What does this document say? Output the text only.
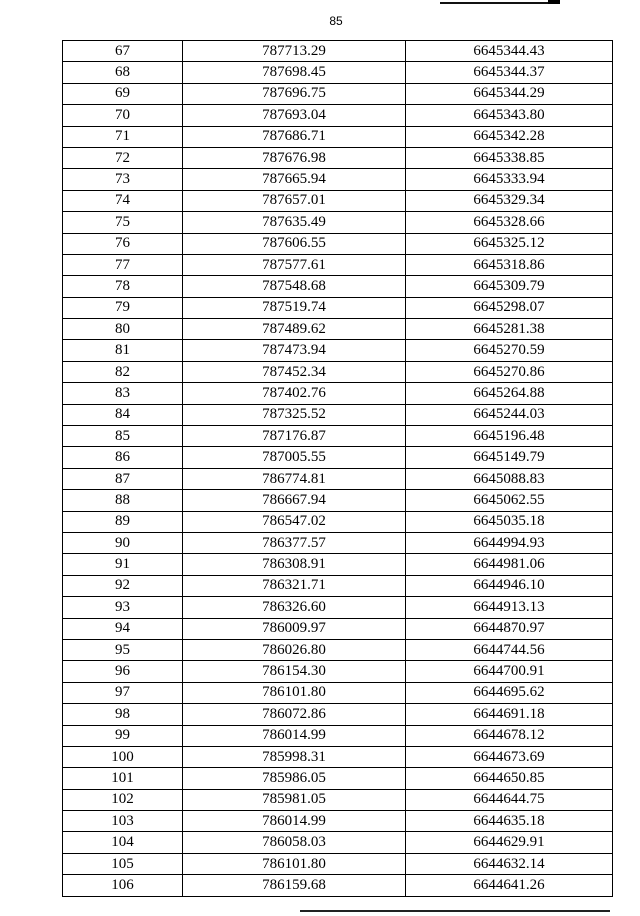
85
67	787713.29	6645344.43
68	787698.45	6645344.37
69	787696.75	6645344.29
70	787693.04	6645343.80
71	787686.71	6645342.28
72	787676.98	6645338.85
73	787665.94	6645333.94
74	787657.01	6645329.34
75	787635.49	6645328.66
76	787606.55	6645325.12
77	787577.61	6645318.86
78	787548.68	6645309.79
79	787519.74	6645298.07
80	787489.62	6645281.38
81	787473.94	6645270.59
82	787452.34	6645270.86
83	787402.76	6645264.88
84	787325.52	6645244.03
85	787176.87	6645196.48
86	787005.55	6645149.79
87	786774.81	6645088.83
88	786667.94	6645062.55
89	786547.02	6645035.18
90	786377.57	6644994.93
91	786308.91	6644981.06
92	786321.71	6644946.10
93	786326.60	6644913.13
94	786009.97	6644870.97
95	786026.80	6644744.56
96	786154.30	6644700.91
97	786101.80	6644695.62
98	786072.86	6644691.18
99	786014.99	6644678.12
100	785998.31	6644673.69
101	785986.05	6644650.85
102	785981.05	6644644.75
103	786014.99	6644635.18
104	786058.03	6644629.91
105	786101.80	6644632.14
106	786159.68	6644641.26
